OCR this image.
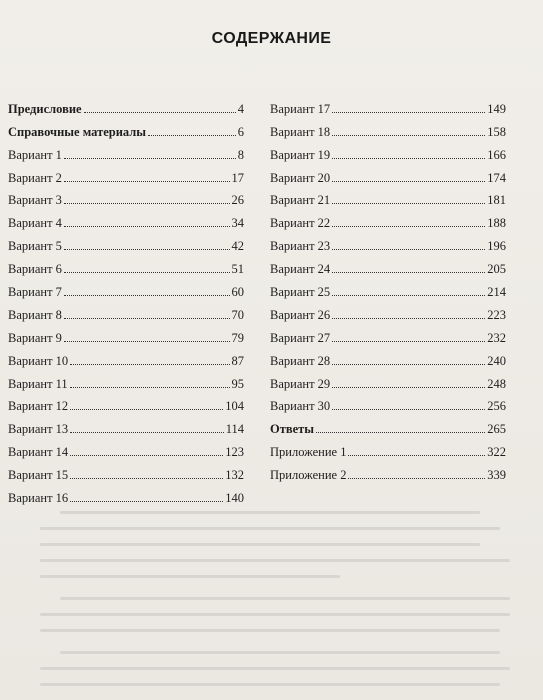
СОДЕРЖАНИЕ
Предисловие	4
Справочные материалы	6
Вариант 1	8
Вариант 2	17
Вариант 3	26
Вариант 4	34
Вариант 5	42
Вариант 6	51
Вариант 7	60
Вариант 8	70
Вариант 9	79
Вариант 10	87
Вариант 11	95
Вариант 12	104
Вариант 13	114
Вариант 14	123
Вариант 15	132
Вариант 16	140
Вариант 17	149
Вариант 18	158
Вариант 19	166
Вариант 20	174
Вариант 21	181
Вариант 22	188
Вариант 23	196
Вариант 24	205
Вариант 25	214
Вариант 26	223
Вариант 27	232
Вариант 28	240
Вариант 29	248
Вариант 30	256
Ответы	265
Приложение 1	322
Приложение 2	339
